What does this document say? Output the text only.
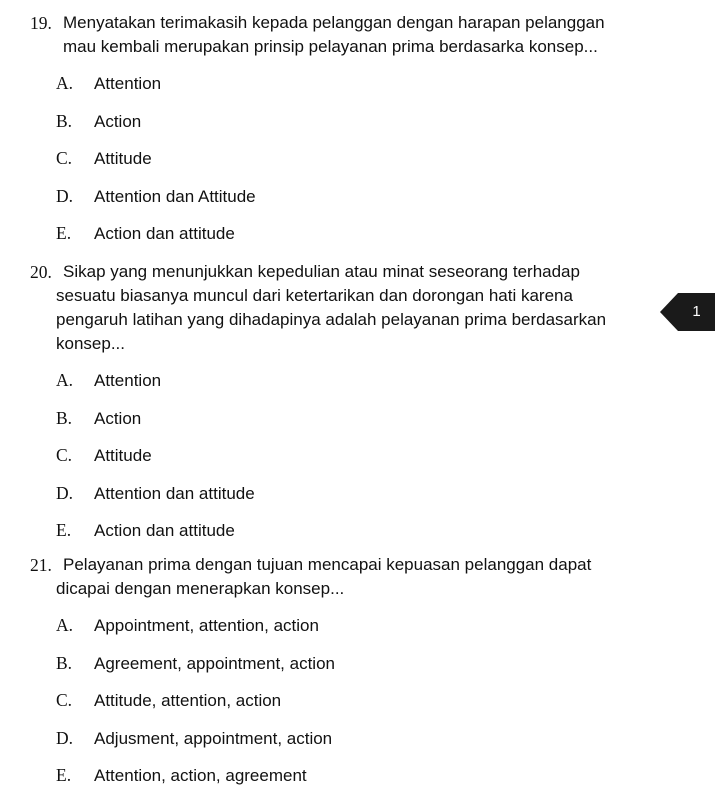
19. Menyatakan terimakasih kepada pelanggan dengan harapan pelanggan
mau kembali merupakan prinsip pelayanan prima berdasarka konsep...
A.	Attention
B.	Action
C.	Attitude
D.	Attention dan Attitude
E.	Action dan attitude
20. Sikap yang menunjukkan kepedulian atau minat seseorang terhadap
sesuatu biasanya muncul dari ketertarikan dan dorongan hati karena
pengaruh latihan yang dihadapinya adalah pelayanan prima berdasarkan
konsep...
A.	Attention
B.	Action
C.	Attitude
D.	Attention dan attitude
E.	Action dan attitude
21. Pelayanan prima dengan tujuan mencapai kepuasan pelanggan dapat
dicapai dengan menerapkan konsep...
A.	Appointment, attention, action
B.	Agreement, appointment, action
C.	Attitude, attention, action
D.	Adjusment, appointment, action
E.	Attention, action, agreement
1
